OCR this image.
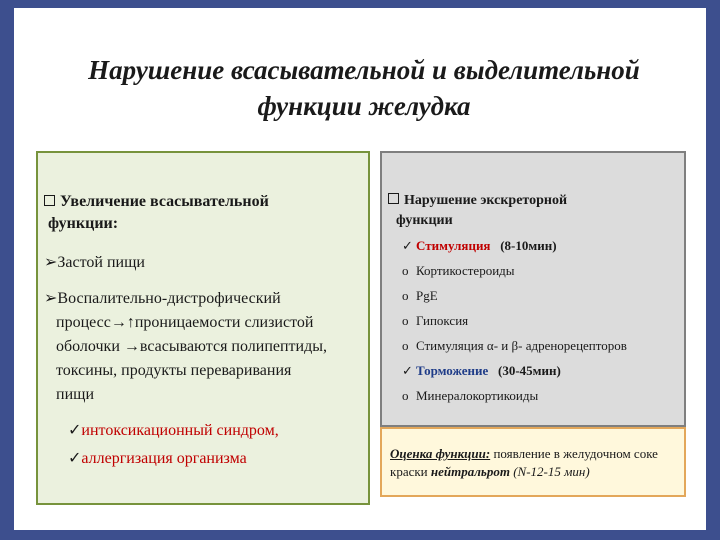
Нарушение всасывательной и выделительной
функции желудка
Увеличение всасывательной
функции:
➢Застой пищи
➢Воспалительно-дистрофический
процесс→↑проницаемости слизистой
оболочки →всасываются полипептиды,
токсины, продукты переваривания
пищи
✓интоксикационный синдром,
✓аллергизация организма
Нарушение экскреторной
функции
✓ Стимуляция (8-10мин)
o Кортикостероиды
o PgE
o Гипоксия
o Стимуляция α- и β- адренорецепторов
✓ Торможение (30-45мин)
o Минералокортикоиды
Оценка функции: появление в желудочном соке краски нейтральрот (N-12-15 мин)
